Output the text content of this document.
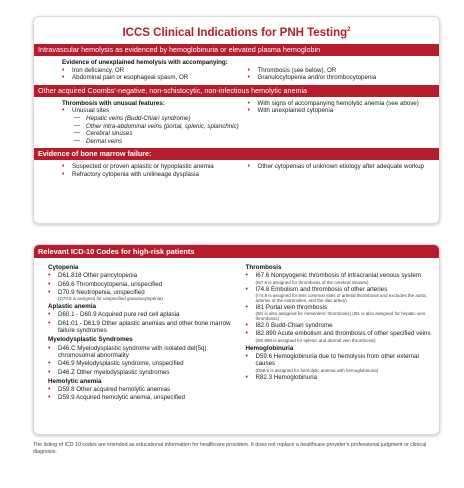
ICCS Clinical Indications for PNH Testing$^2$
Intravascular hemolysis as evidenced by hemoglobinuria or elevated plasma hemoglobin
Evidence of unexplained hemolysis with accompanying:
• Iron deficiency, OR
• Abdominal pain or esophageal spasm, OR
• Thrombosis (see below), OR
• Granulocytopenia and/or thrombocytopenia
Other acquired Coombs'-negative, non-schistocytic, non-infectious hemolytic anemia
Thrombosis with unusual features:
• Unusual sites
— Hepatic veins (Budd-Chiari syndrome)
— Other intra-abdominal veins (portal, splenic, splanchnic)
— Cerebral sinuses
— Dermal veins
• With signs of accompanying hemolytic anemia (see above)
• With unexplained cytopenia
Evidence of bone marrow failure:
• Suspected or proven aplastic or hypoplastic anemia
• Refractory cytopenia with unilineage dysplasia
• Other cytopenias of unknown etiology after adequate workup
Relevant ICD-10 Codes for high-risk patients
Cytopenia
• D61.818 Other pancytopenia
• D69.6 Thrombocytopenia, unspecified
• D70.9 Neutropenia, unspecified
(D70.9 is assigned for unspecified granulocytopenia)
Aplastic anemia
• D60.1 - D60.9 Acquired pure red cell aplasia
• D61.01 - D61.9 Other aplastic anemias and other bone marrow failure syndromes
Myelodysplastic Syndromes
• D46.C Myelodysplastic syndrome with isolated del(5q) chromosomal abnormality
• D46.9 Myelodysplastic syndrome, unspecified
• D46.Z Other myelodysplastic syndromes
Hemolytic anemia
• D59.8 Other acquired hemolytic anemias
• D59.9 Acquired hemolytic anemia, unspecified
Thrombosis
• I67.6 Nonpyogenic thrombosis of intracranial venous system
(I67.6 is assigned for thrombosis of the cerebral sinuses)
• I74.8 Embolism and thrombosis of other arteries
(I74.8 is assigned for less common sites of arterial thrombosis and excludes the aorta, arteries of the extremities, and the iliac artery)
• I81 Portal vein thrombosis
(I81 is also assigned for mesenteric thrombosis) (I81 is also assigned for hepatic vein thrombosis)
• I82.0 Budd-Chiari syndrome
• I82.890 Acute embolism and thrombosis of other specified veins
(I82.890 is assigned for splenic and dermal vein thrombosis)
Hemoglobinuria
• D59.6 Hemoglobinuria due to hemolysis from other external causes
(D59.6 is assigned for hemolytic anemia with hemoglobinuria)
• R82.3 Hemoglobinuria
The listing of ICD 10 codes are intended as educational information for healthcare providers. It does not replace a healthcare provider's professional judgment or clinical diagnosis.
